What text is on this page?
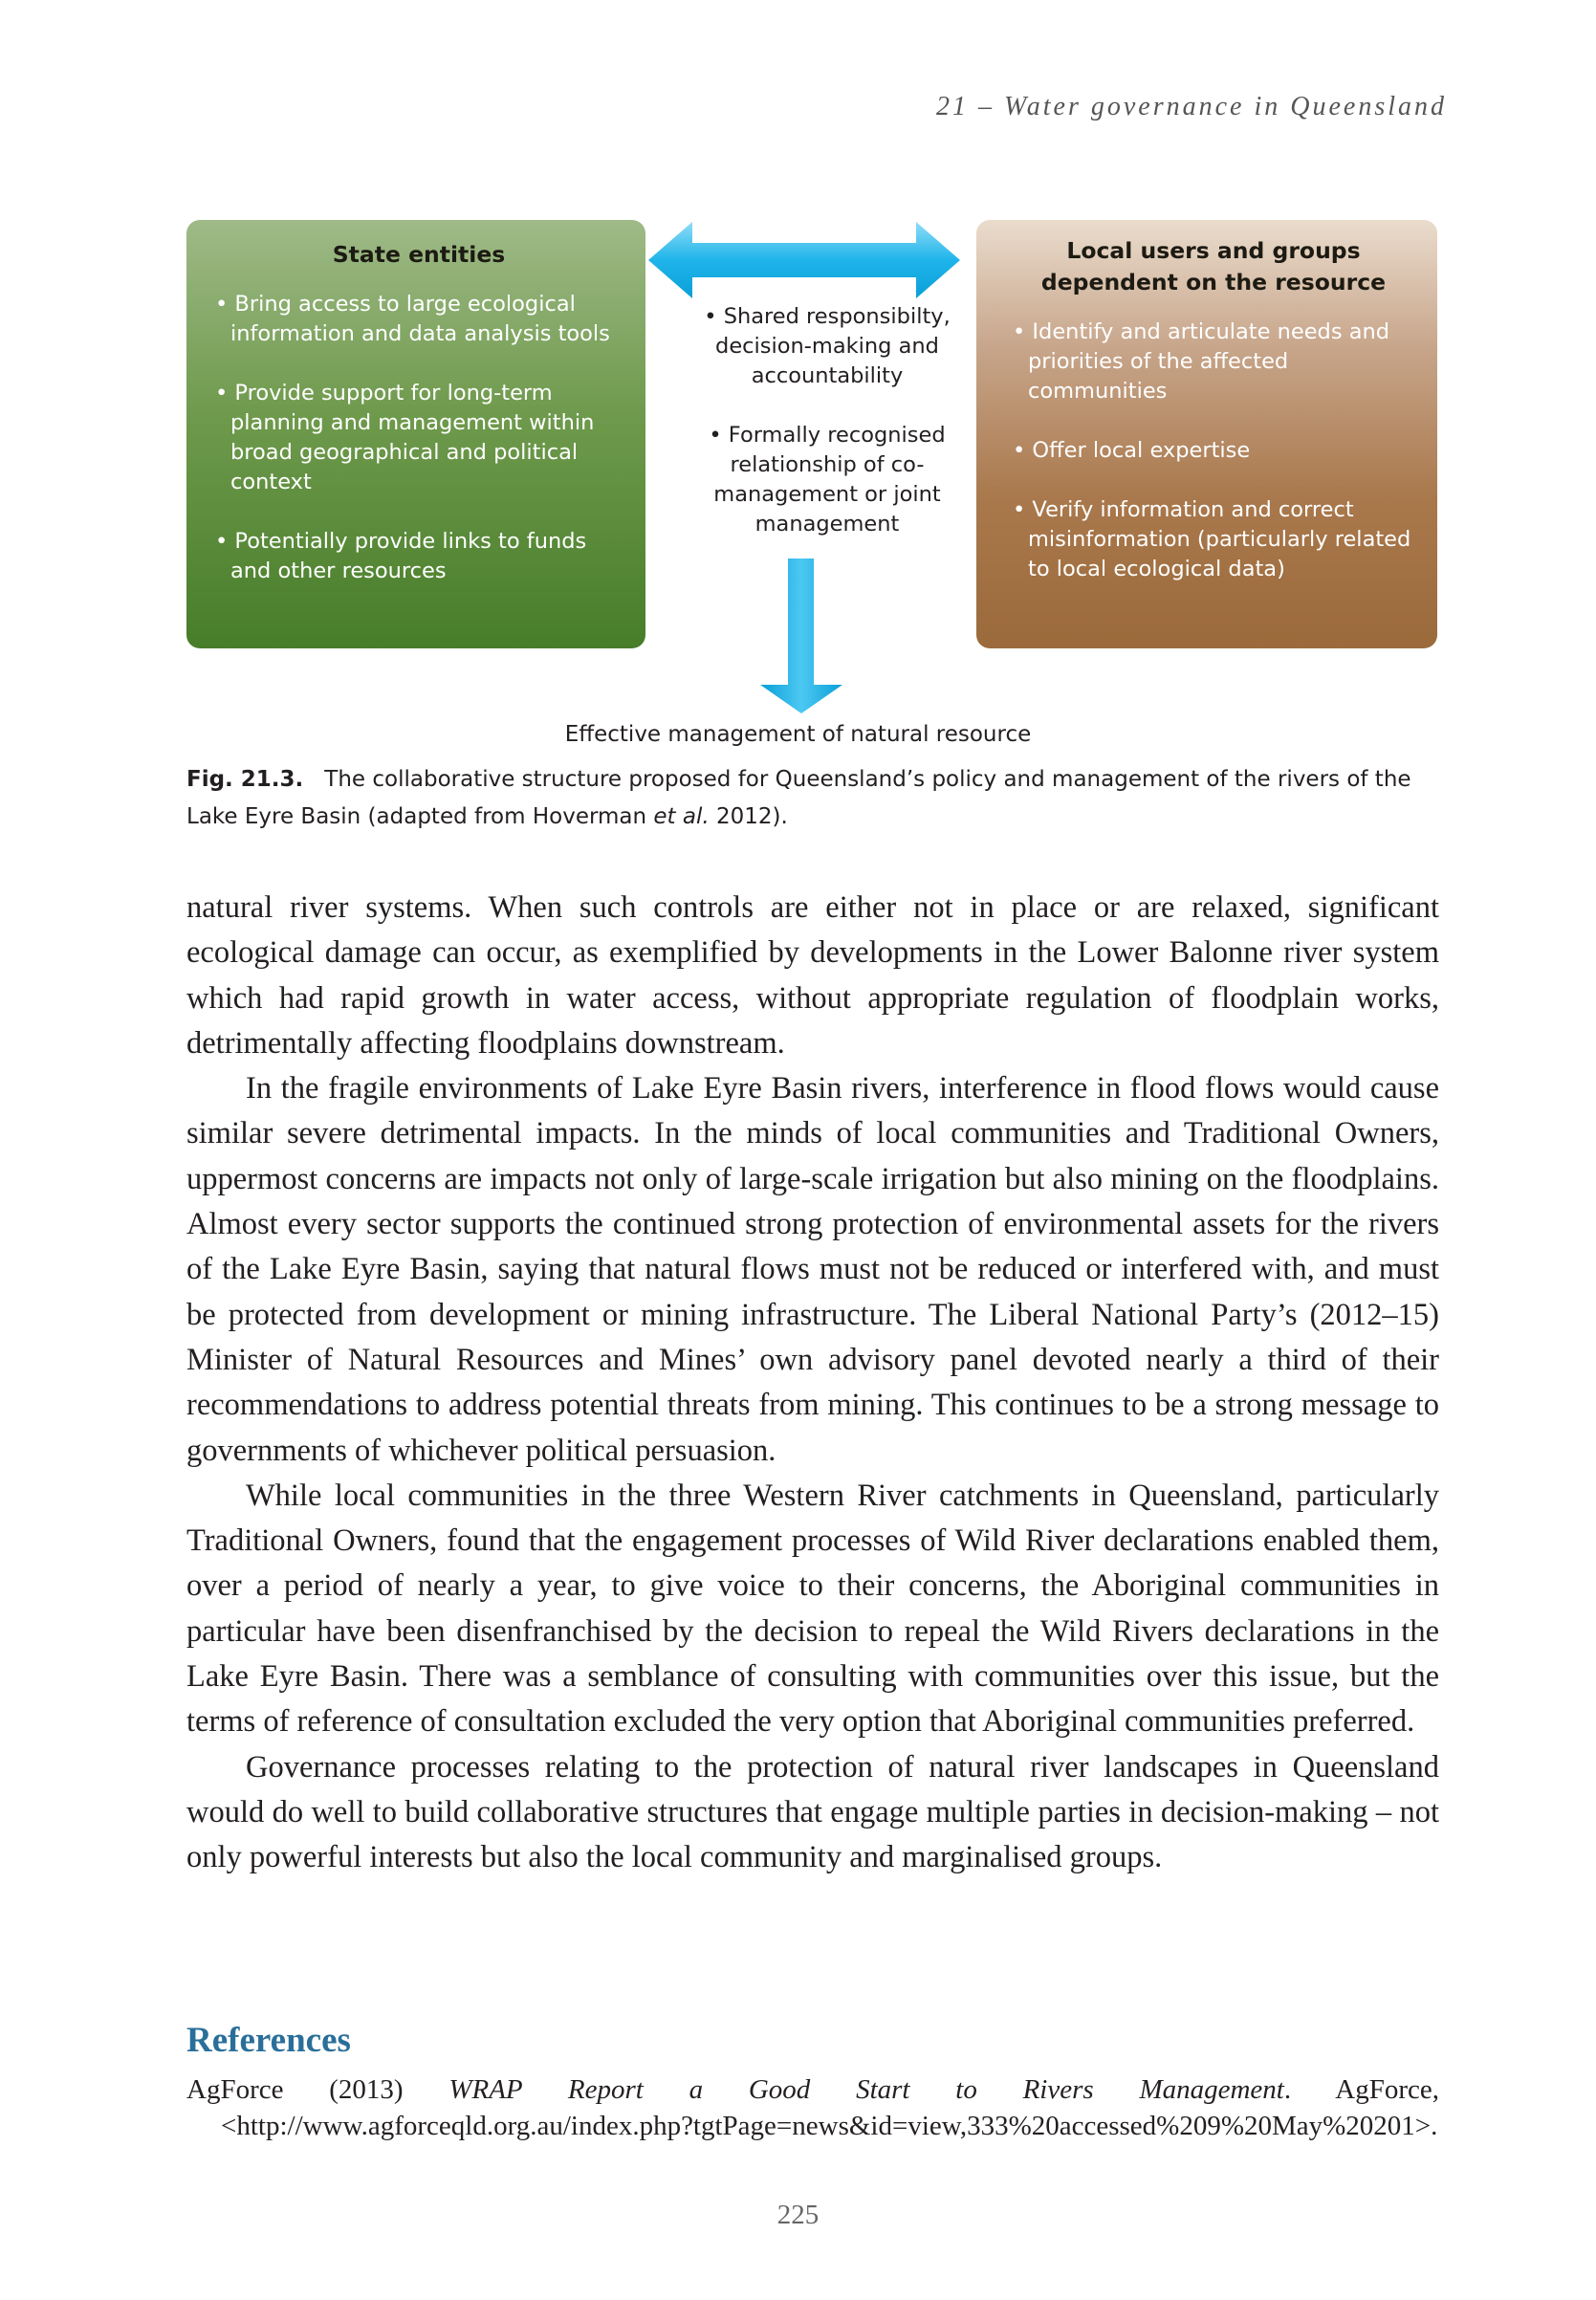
21 – Water governance in Queensland
State entities
• Bring access to large ecological information and data analysis tools
• Provide support for long-term planning and management within broad geographical and political context
• Potentially provide links to funds and other resources
• Shared responsibilty, decision-making and accountability
• Formally recognised relationship of co-management or joint management
Local users and groups dependent on the resource
• Identify and articulate needs and priorities of the affected communities
• Offer local expertise
• Verify information and correct misinformation (particularly related to local ecological data)
Effective management of natural resource
Fig. 21.3. The collaborative structure proposed for Queensland’s policy and management of the rivers of the Lake Eyre Basin (adapted from Hoverman et al. 2012).

natural river systems. When such controls are either not in place or are relaxed, significant ecological damage can occur, as exemplified by developments in the Lower Balonne river system which had rapid growth in water access, without appropriate regulation of floodplain works, detrimentally affecting floodplains downstream.

In the fragile environments of Lake Eyre Basin rivers, interference in flood flows would cause similar severe detrimental impacts. In the minds of local communities and Traditional Owners, uppermost concerns are impacts not only of large-scale irrigation but also mining on the floodplains. Almost every sector supports the continued strong protection of environmental assets for the rivers of the Lake Eyre Basin, saying that natural flows must not be reduced or interfered with, and must be protected from development or mining infrastructure. The Liberal National Party’s (2012–15) Minister of Natural Resources and Mines’ own advisory panel devoted nearly a third of their recommendations to address potential threats from mining. This continues to be a strong message to governments of whichever political persuasion.

While local communities in the three Western River catchments in Queensland, particularly Traditional Owners, found that the engagement processes of Wild River declarations enabled them, over a period of nearly a year, to give voice to their concerns, the Aboriginal communities in particular have been disenfranchised by the decision to repeal the Wild Rivers declarations in the Lake Eyre Basin. There was a semblance of consulting with communities over this issue, but the terms of reference of consultation excluded the very option that Aboriginal communities preferred.

Governance processes relating to the protection of natural river landscapes in Queensland would do well to build collaborative structures that engage multiple parties in decision-making – not only powerful interests but also the local community and marginalised groups.

References
AgForce (2013) WRAP Report a Good Start to Rivers Management. AgForce, <http://www.agforceqld.org.au/index.php?tgtPage=news&id=view,333%20accessed%209%20May%20201>.
225
